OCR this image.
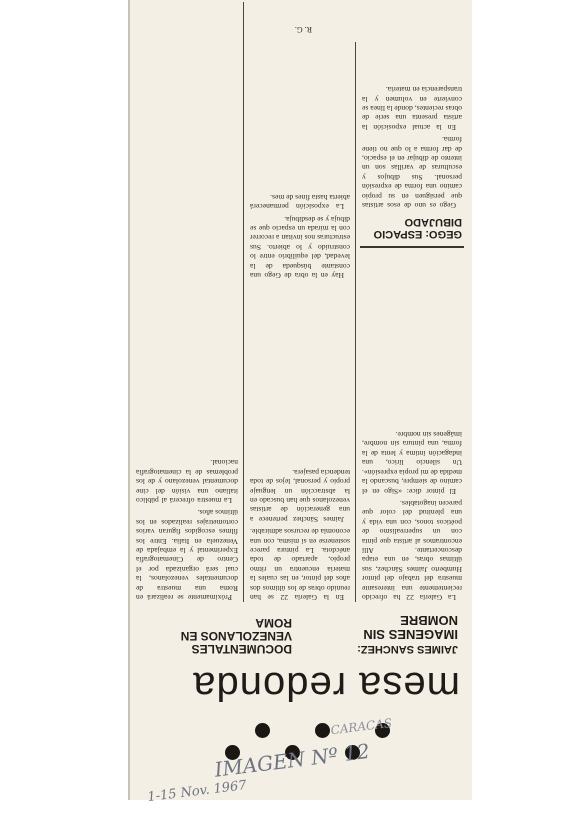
mesa redonda
JAIMES SANCHEZ:
IMAGENES SIN NOMBRE
DOCUMENTALES VENEZOLANOS EN ROMA

La Galería 22 ha ofrecido recientemente una interesante muestra del trabajo del pintor Humberto Jaimes Sánchez, sus últimas obras, en una etapa desconcertante. Allí encontramos al artista que pinta con un superrealismo de poéticos tonos, con una vida y una plenitud del color que parecen inagotables.

El pintor dice: «Sigo en el camino de siempre, buscando la medida de mi propia expresión». Un silencio lírico, una indagación íntima y lenta de la forma, una pintura sin nombre, imágenes sin nombre.

En la Galería 22 se han reunido obras de los últimos dos años del pintor, en las cuales la materia encuentra un ritmo propio, apartado de toda anécdota. La pintura parece sostenerse en sí misma, con una economía de recursos admirable.

Jaimes Sánchez pertenece a una generación de artistas venezolanos que han buscado en la abstracción un lenguaje propio y personal, lejos de toda tendencia pasajera.

Próximamente se realizará en Roma una muestra de documentales venezolanos, la cual será organizada por el Centro de Cinematografía Experimental y la embajada de Venezuela en Italia. Entre los filmes escogidos figuran varios cortometrajes realizados en los últimos años.

La muestra ofrecerá al público italiano una visión del cine documental venezolano y de los problemas de la cinematografía nacional.

GEGO: ESPACIO DIBUJADO

Gego es uno de esos artistas que persiguen en su propio camino una forma de expresión personal. Sus dibujos y esculturas de varillas son un intento de dibujar en el espacio, de dar forma a lo que no tiene forma.

En la actual exposición la artista presenta una serie de obras recientes, donde la línea se convierte en volumen y la transparencia en materia.

Hay en la obra de Gego una constante búsqueda de la levedad, del equilibrio entre lo construido y lo abierto. Sus estructuras nos invitan a recorrer con la mirada un espacio que se dibuja y se desdibuja.

La exposición permanecerá abierta hasta fines de mes.

R. G.
IMAGEN Nº 12
1-15 Nov. 1967
CARACAS
